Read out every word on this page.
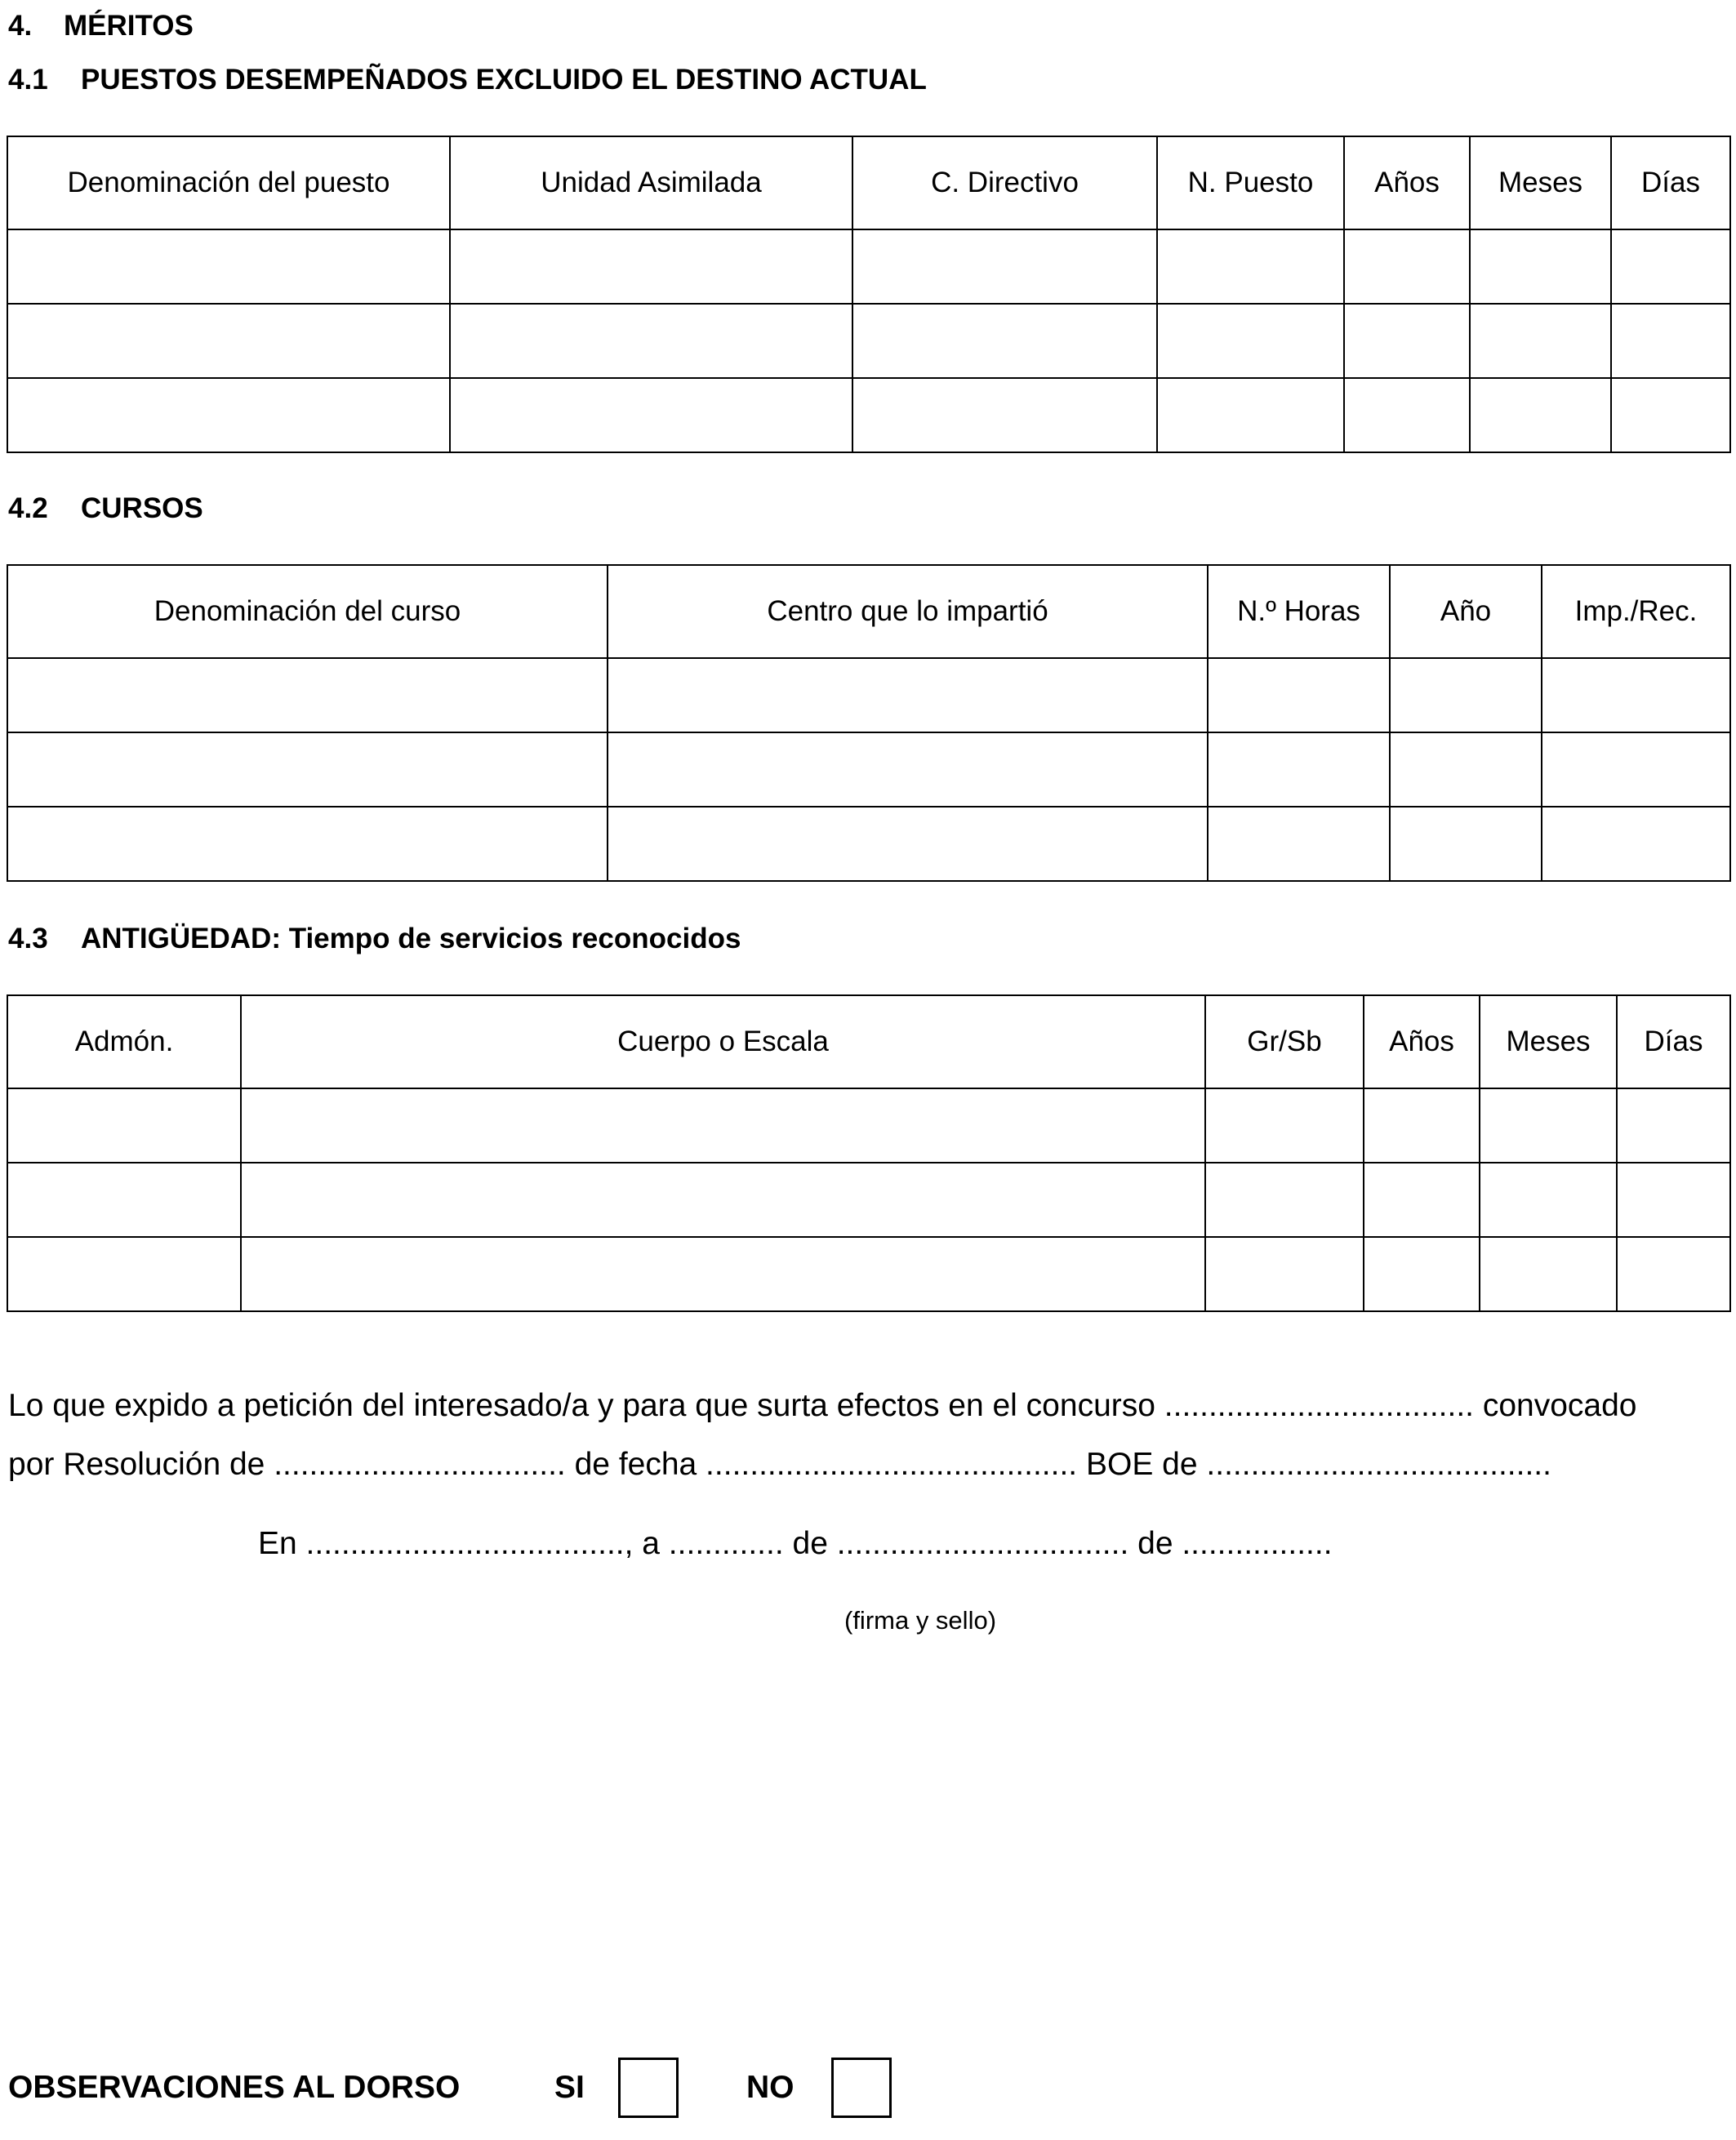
4. MÉRITOS
4.1 PUESTOS DESEMPEÑADOS EXCLUIDO EL DESTINO ACTUAL
Denominación del puesto	Unidad Asimilada	C. Directivo	N. Puesto	Años	Meses	Días

4.2 CURSOS
Denominación del curso	Centro que lo impartió	N.º Horas	Año	Imp./Rec.

4.3 ANTIGÜEDAD: Tiempo de servicios reconocidos
Admón.	Cuerpo o Escala	Gr/Sb	Años	Meses	Días

Lo que expido a petición del interesado/a y para que surta efectos en el concurso ................................... convocado
por Resolución de ................................. de fecha .......................................... BOE de .......................................
En ...................................., a ............. de ................................. de .................
(firma y sello)
OBSERVACIONES AL DORSO	SI	NO
